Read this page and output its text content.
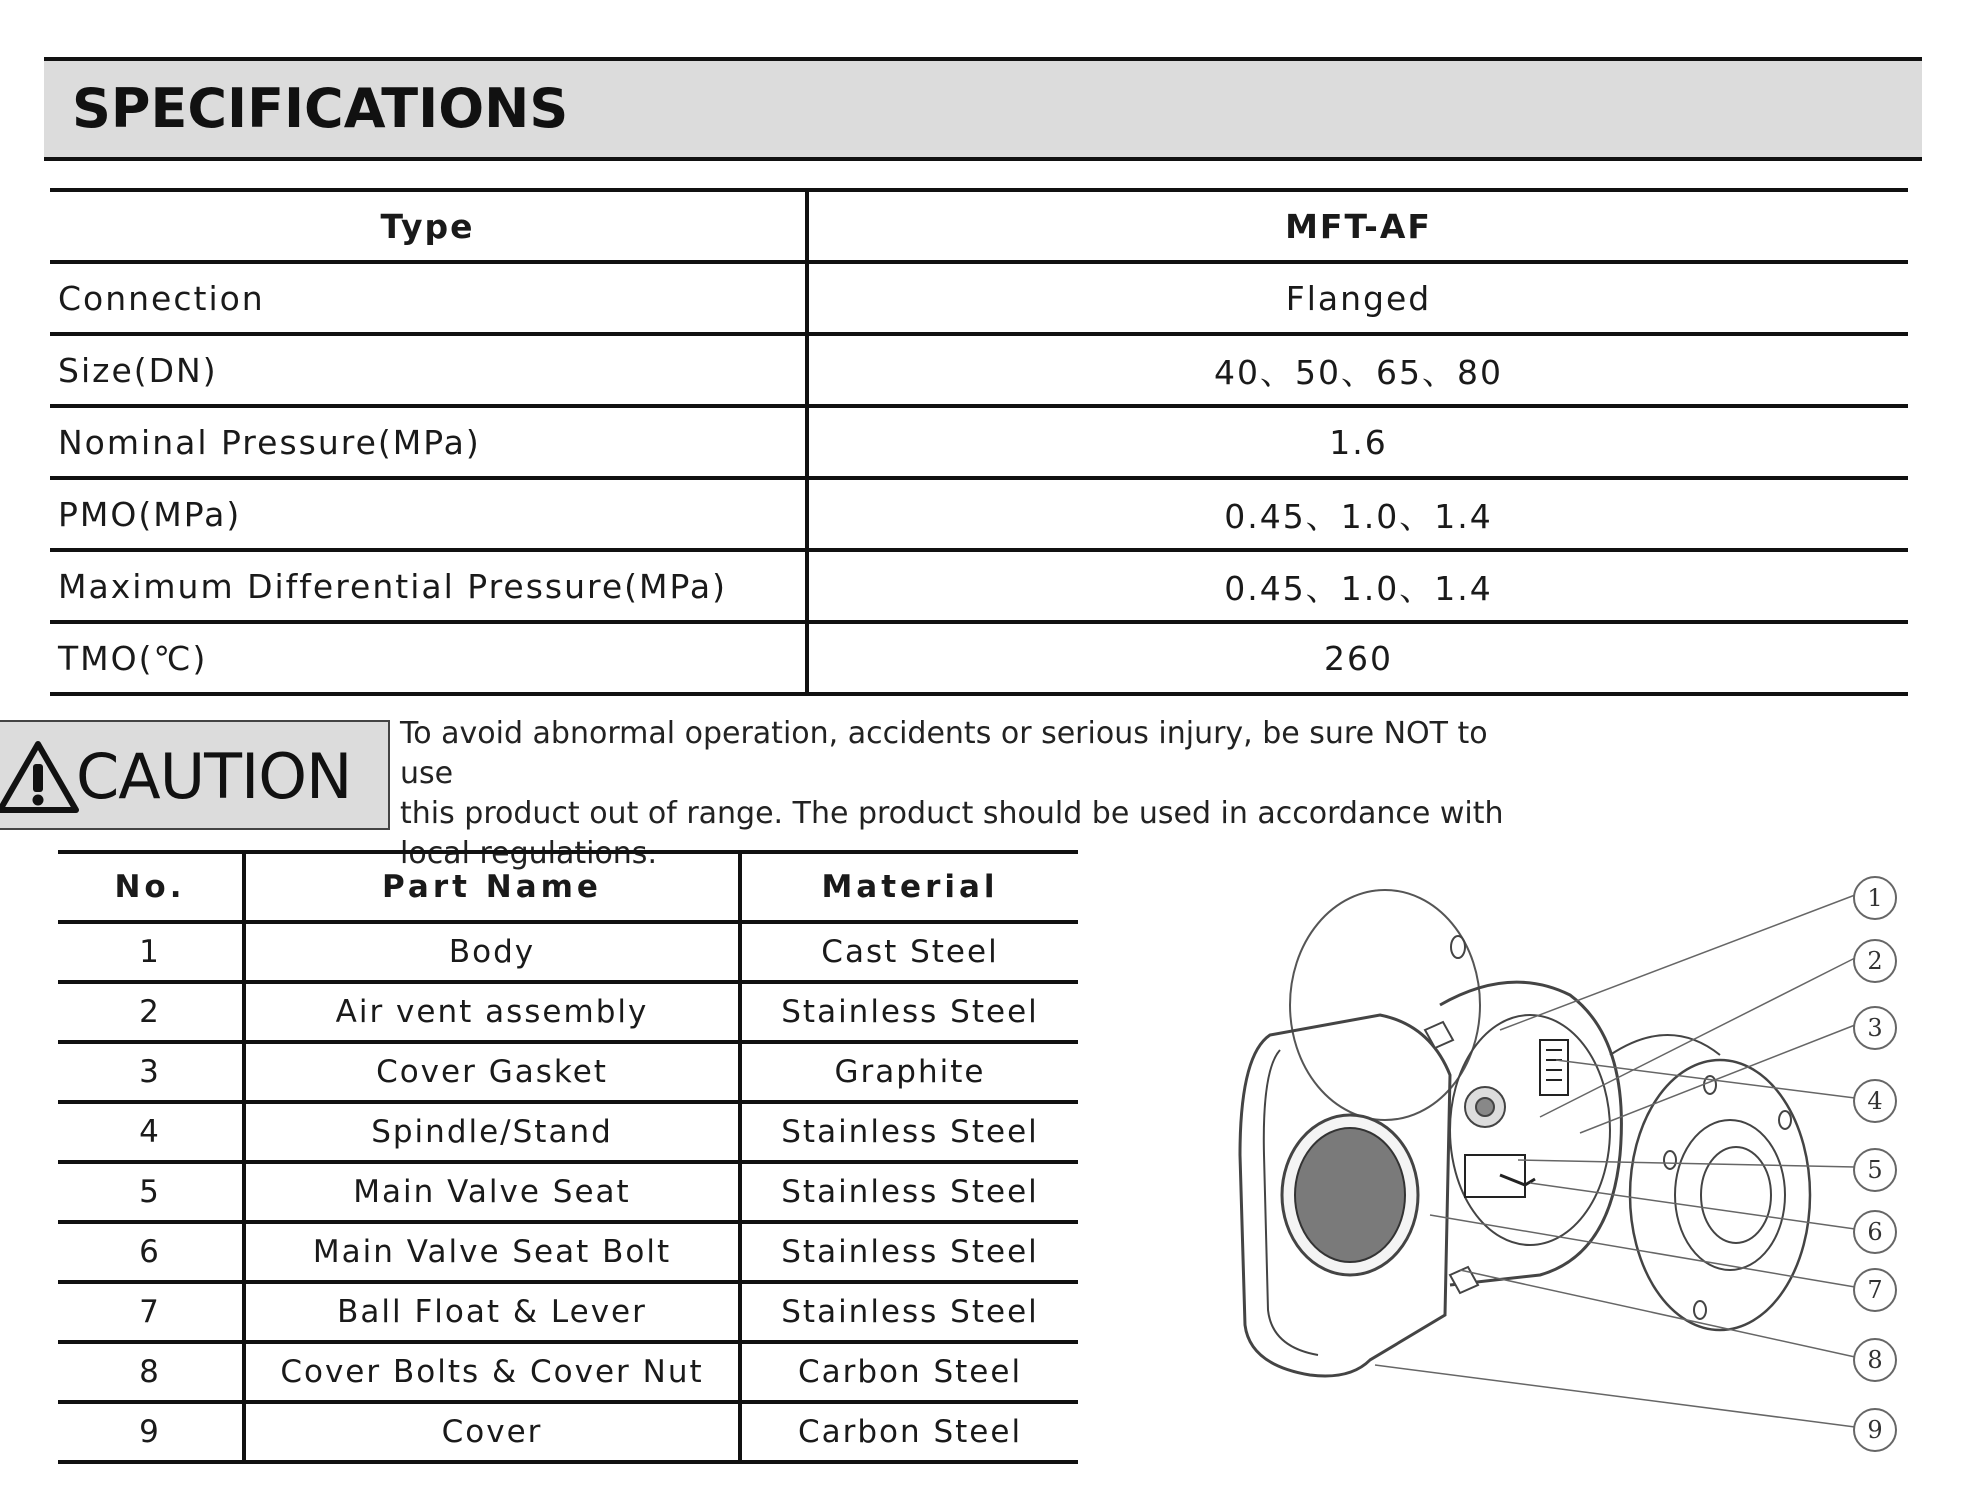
SPECIFICATIONS
Type	MFT-AF
Connection	Flanged
Size(DN)	40、50、65、80
Nominal Pressure(MPa)	1.6
PMO(MPa)	0.45、1.0、1.4
Maximum Differential Pressure(MPa)	0.45、1.0、1.4
TMO(℃)	260
CAUTION
To avoid abnormal operation, accidents or serious injury, be sure NOT to use
this product out of range. The product should be used in accordance with
local regulations.
No.	Part Name	Material
1	Body	Cast Steel
2	Air vent assembly	Stainless Steel
3	Cover Gasket	Graphite
4	Spindle/Stand	Stainless Steel
5	Main Valve Seat	Stainless Steel
6	Main Valve Seat Bolt	Stainless Steel
7	Ball Float & Lever	Stainless Steel
8	Cover Bolts & Cover Nut	Carbon Steel
9	Cover	Carbon Steel
1
2
3
4
5
6
7
8
9
